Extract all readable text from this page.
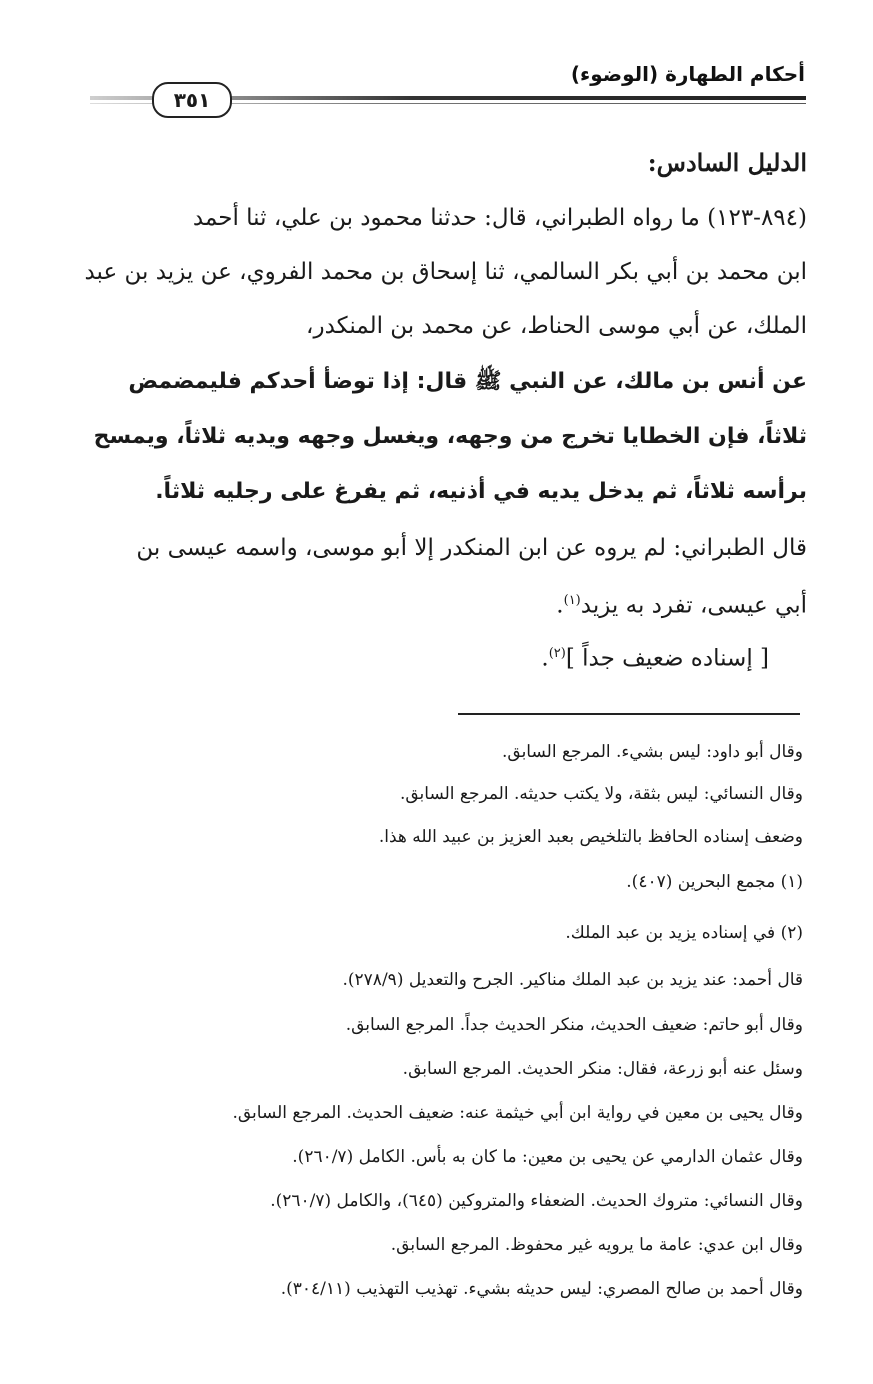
أحكام الطهارة (الوضوء)
٣٥١
الدليل السادس:
(٨٩٤-١٢٣) ما رواه الطبراني، قال: حدثنا محمود بن علي، ثنا أحمد
ابن محمد بن أبي بكر السالمي، ثنا إسحاق بن محمد الفروي، عن يزيد بن عبد
الملك، عن أبي موسى الحناط، عن محمد بن المنكدر،
عن أنس بن مالك، عن النبي ﷺ قال: إذا توضأ أحدكم فليمضمض
ثلاثاً، فإن الخطايا تخرج من وجهه، ويغسل وجهه ويديه ثلاثاً، ويمسح
برأسه ثلاثاً، ثم يدخل يديه في أذنيه، ثم يفرغ على رجليه ثلاثاً.
قال الطبراني: لم يروه عن ابن المنكدر إلا أبو موسى، واسمه عيسى بن
أبي عيسى، تفرد به يزيد$^{(١)}$.
[ إسناده ضعيف جداً ]$^{(٢)}$.
وقال أبو داود: ليس بشيء. المرجع السابق.
وقال النسائي: ليس بثقة، ولا يكتب حديثه. المرجع السابق.
وضعف إسناده الحافظ بالتلخيص بعبد العزيز بن عبيد الله هذا.
(١) مجمع البحرين (٤٠٧).
(٢) في إسناده يزيد بن عبد الملك.
قال أحمد: عند يزيد بن عبد الملك مناكير. الجرح والتعديل (٢٧٨/٩).
وقال أبو حاتم: ضعيف الحديث، منكر الحديث جداً. المرجع السابق.
وسئل عنه أبو زرعة، فقال: منكر الحديث. المرجع السابق.
وقال يحيى بن معين في رواية ابن أبي خيثمة عنه: ضعيف الحديث. المرجع السابق.
وقال عثمان الدارمي عن يحيى بن معين: ما كان به بأس. الكامل (٢٦٠/٧).
وقال النسائي: متروك الحديث. الضعفاء والمتروكين (٦٤٥)، والكامل (٢٦٠/٧).
وقال ابن عدي: عامة ما يرويه غير محفوظ. المرجع السابق.
وقال أحمد بن صالح المصري: ليس حديثه بشيء. تهذيب التهذيب (٣٠٤/١١).
